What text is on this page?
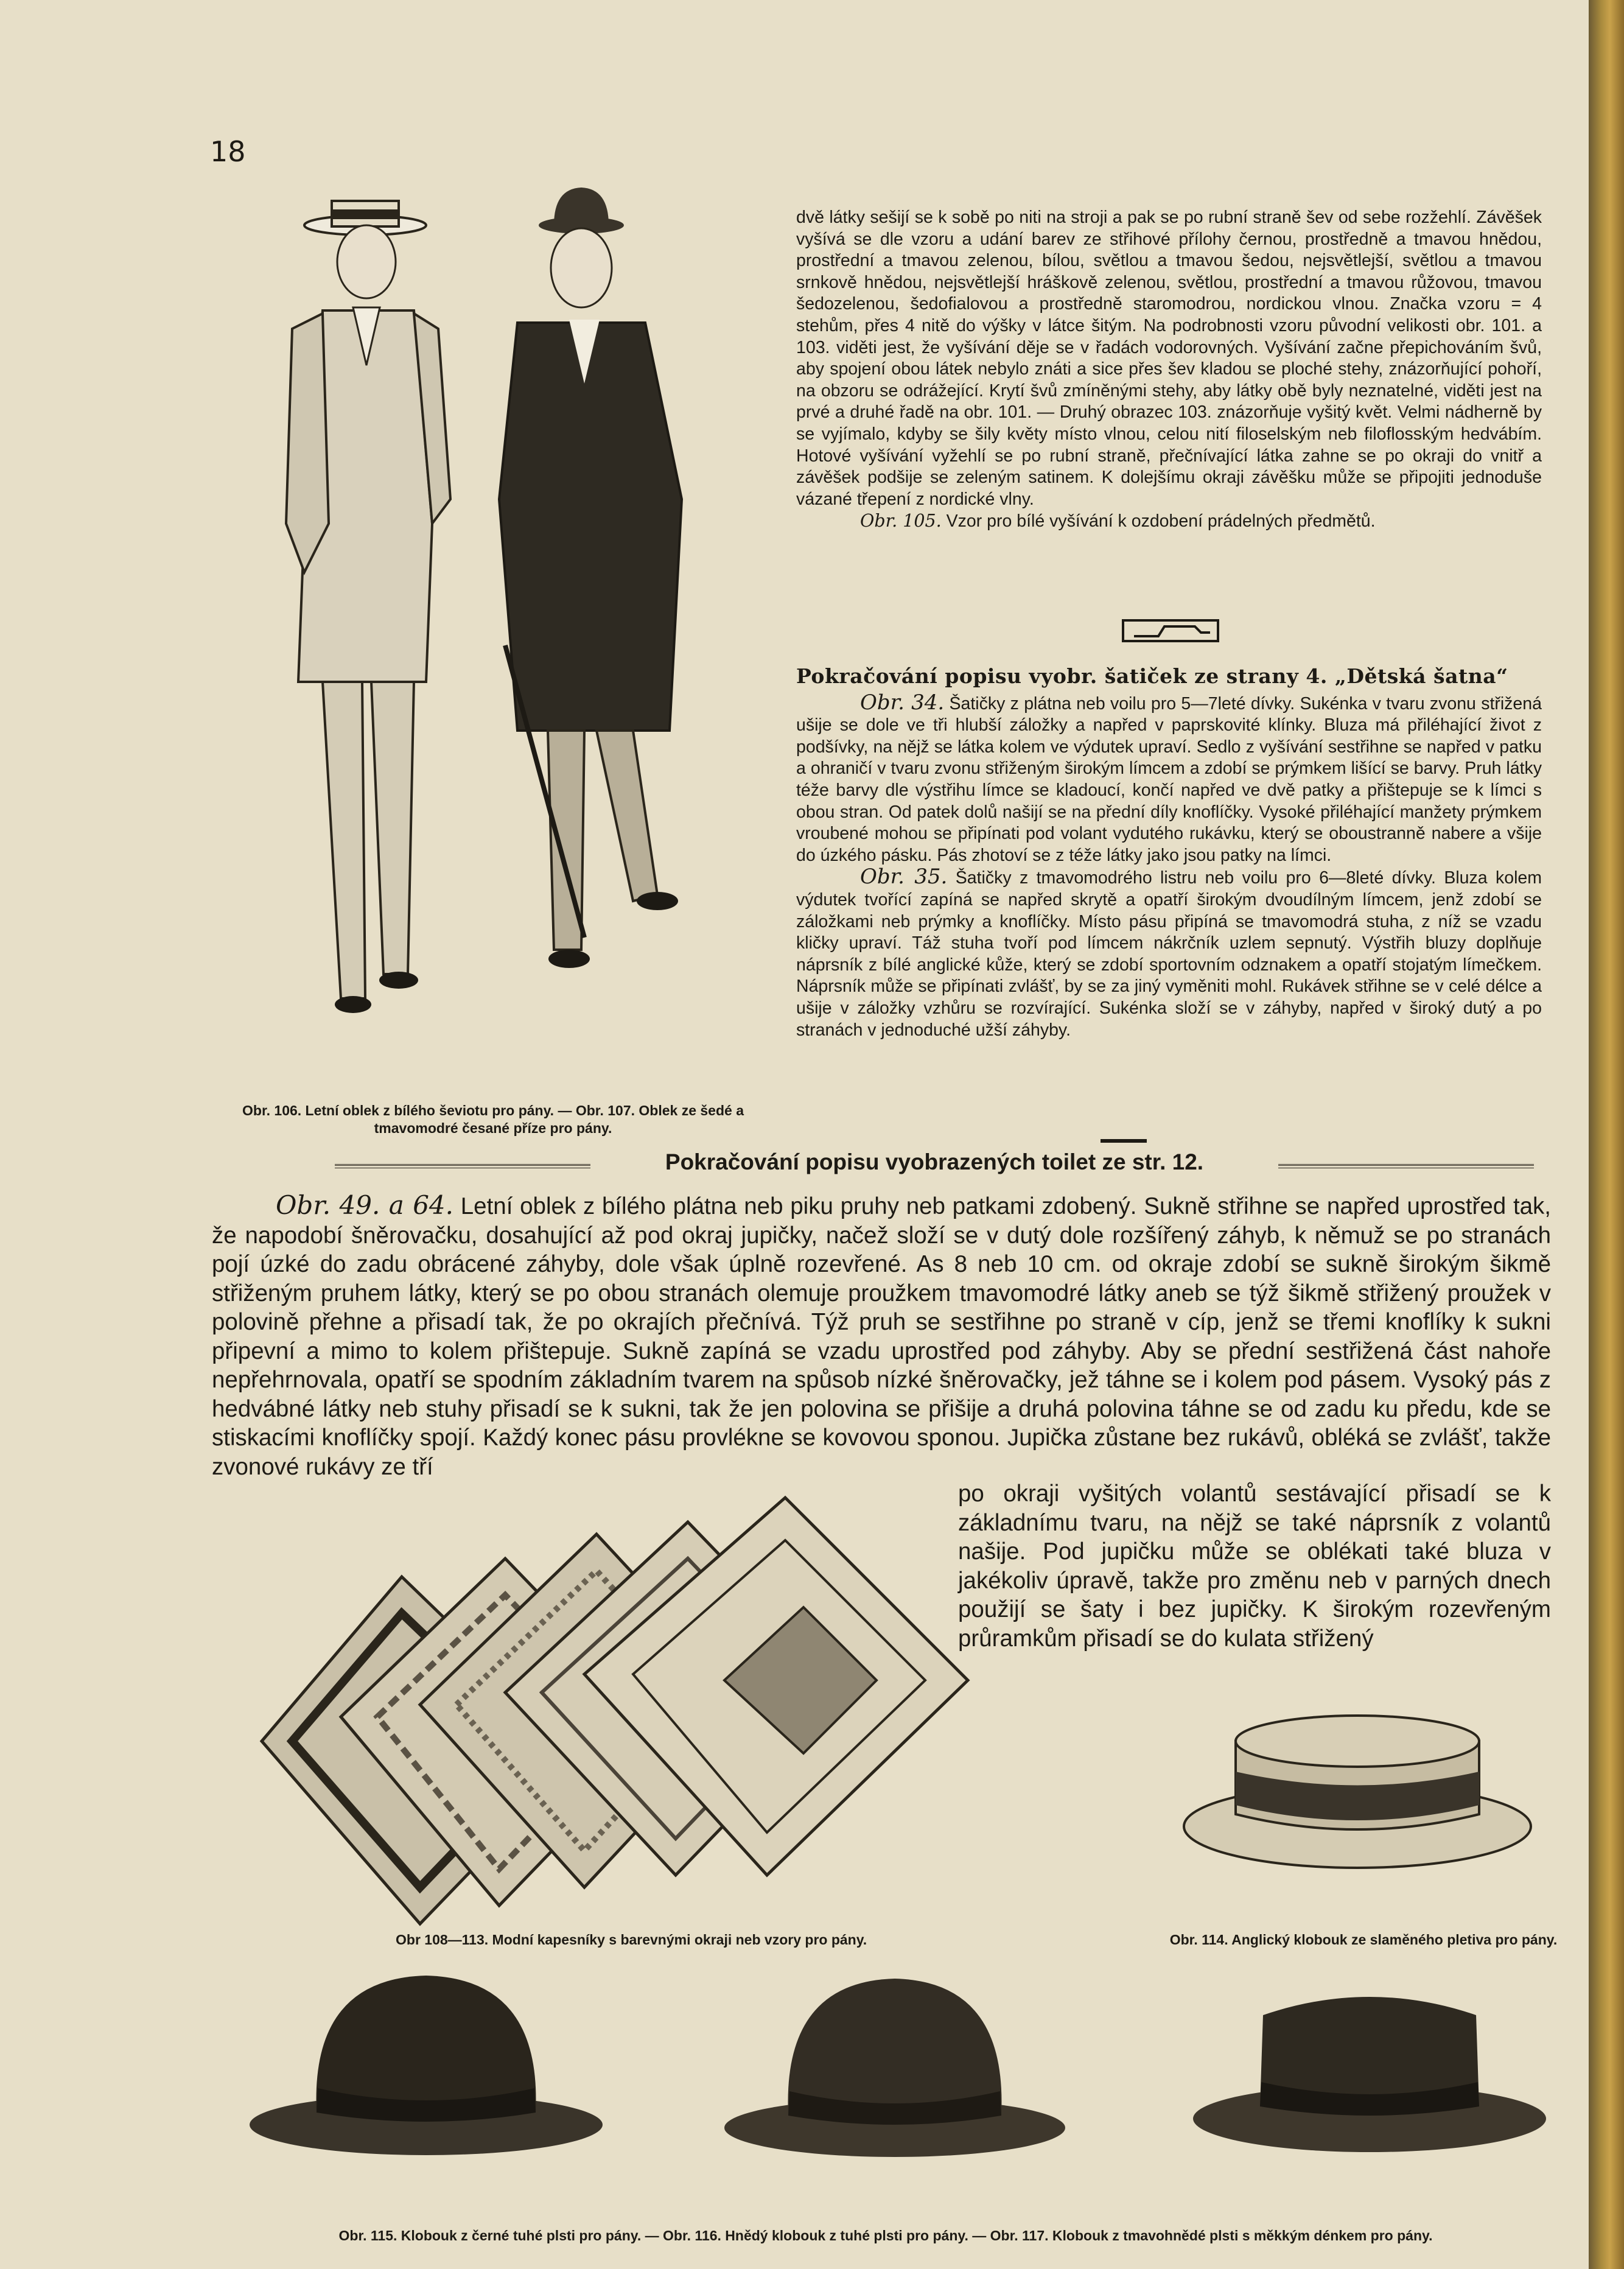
18
Obr. 106. Letní oblek z bílého ševiotu pro pány. — Obr. 107. Oblek ze šedé a tmavomodré česané příze pro pány.

dvě látky sešijí se k sobě po niti na stroji a pak se po rubní straně šev od sebe rozžehlí. Závěšek vyšívá se dle vzoru a udání barev ze střihové přílohy černou, prostředně a tmavou hnědou, prostřední a tmavou zelenou, bílou, světlou a tmavou šedou, nejsvětlejší, světlou a tmavou srnkově hnědou, nejsvětlejší hráškově zelenou, světlou, prostřední a tmavou růžovou, tmavou šedozelenou, šedofialovou a prostředně staromodrou, nordickou vlnou. Značka vzoru = 4 stehům, přes 4 nitě do výšky v látce šitým. Na podrobnosti vzoru původní velikosti obr. 101. a 103. viděti jest, že vyšívání děje se v řadách vodorovných. Vyšívání začne přepichováním švů, aby spojení obou látek nebylo znáti a sice přes šev kladou se ploché stehy, znázorňující pohoří, na obzoru se odrážející. Krytí švů zmíněnými stehy, aby látky obě byly neznatelné, viděti jest na prvé a druhé řadě na obr. 101. — Druhý obrazec 103. znázorňuje vyšitý květ. Velmi nádherně by se vyjímalo, kdyby se šily květy místo vlnou, celou nití filoselským neb filoflosským hedvábím. Hotové vyšívání vyžehlí se po rubní straně, přečnívající látka zahne se po okraji do vnitř a závěšek podšije se zeleným satinem. K dolejšímu okraji závěšku může se připojiti jednoduše vázané třepení z nordické vlny.

Obr. 105. Vzor pro bílé vyšívání k ozdobení prádelných předmětů.

Pokračování popisu vyobr. šatiček ze strany 4. „Dětská šatna“

Obr. 34. Šatičky z plátna neb voilu pro 5—7leté dívky. Sukénka v tvaru zvonu střižená ušije se dole ve tři hlubší záložky a napřed v paprskovité klínky. Bluza má přiléhající život z podšívky, na nějž se látka kolem ve výdutek upraví. Sedlo z vyšívání sestřihne se napřed v patku a ohraničí v tvaru zvonu střiženým širokým límcem a zdobí se prýmkem lišící se barvy. Pruh látky téže barvy dle výstřihu límce se kladoucí, končí napřed ve dvě patky a přištepuje se k límci s obou stran. Od patek dolů našijí se na přední díly knoflíčky. Vysoké přiléhající manžety prýmkem vroubené mohou se připínati pod volant vydutého rukávku, který se oboustranně nabere a všije do úzkého pásku. Pás zhotoví se z téže látky jako jsou patky na límci.

Obr. 35. Šatičky z tmavomodrého listru neb voilu pro 6—8leté dívky. Bluza kolem výdutek tvořící zapíná se napřed skrytě a opatří širokým dvoudílným límcem, jenž zdobí se záložkami neb prýmky a knoflíčky. Místo pásu připíná se tmavomodrá stuha, z níž se vzadu kličky upraví. Táž stuha tvoří pod límcem nákrčník uzlem sepnutý. Výstřih bluzy doplňuje náprsník z bílé anglické kůže, který se zdobí sportovním odznakem a opatří stojatým límečkem. Náprsník může se připínati zvlášť, by se za jiný vyměniti mohl. Rukávek střihne se v celé délce a ušije v záložky vzhůru se rozvírající. Sukénka složí se v záhyby, napřed v široký dutý a po stranách v jednoduché užší záhyby.

Pokračování popisu vyobrazených toilet ze str. 12.

Obr. 49. a 64. Letní oblek z bílého plátna neb piku pruhy neb patkami zdobený. Sukně střihne se napřed uprostřed tak, že napodobí šněrovačku, dosahující až pod okraj jupičky, načež složí se v dutý dole rozšířený záhyb, k němuž se po stranách pojí úzké do zadu obrácené záhyby, dole však úplně rozevřené. As 8 neb 10 cm. od okraje zdobí se sukně širokým šikmě střiženým pruhem látky, který se po obou stranách olemuje proužkem tmavomodré látky aneb se týž šikmě střižený proužek v polovině přehne a přisadí tak, že po okrajích přečnívá. Týž pruh se sestřihne po straně v cíp, jenž se třemi knoflíky k sukni připevní a mimo to kolem přištepuje. Sukně zapíná se vzadu uprostřed pod záhyby. Aby se přední sestřižená část nahoře nepřehrnovala, opatří se spodním základním tvarem na spůsob nízké šněrovačky, jež táhne se i kolem pod pásem. Vysoký pás z hedvábné látky neb stuhy přisadí se k sukni, tak že jen polovina se přišije a druhá polovina táhne se od zadu ku předu, kde se stiskacími knoflíčky spojí. Každý konec pásu provlékne se kovovou sponou. Jupička zůstane bez rukávů, obléká se zvlášť, takže zvonové rukávy ze tří

po okraji vyšitých volantů sestávající přisadí se k základnímu tvaru, na nějž se také náprsník z volantů našije. Pod jupičku může se oblékati také bluza v jakékoliv úpravě, takže pro změnu neb v parných dnech použijí se šaty i bez jupičky. K širokým rozevřeným průramkům přisadí se do kulata střižený

Obr 108—113. Modní kapesníky s barevnými okraji neb vzory pro pány.	Obr. 114. Anglický klobouk ze slaměného pletiva pro pány.
Obr. 115. Klobouk z černé tuhé plsti pro pány. — Obr. 116. Hnědý klobouk z tuhé plsti pro pány. — Obr. 117. Klobouk z tmavohnědé plsti s měkkým dénkem pro pány.
